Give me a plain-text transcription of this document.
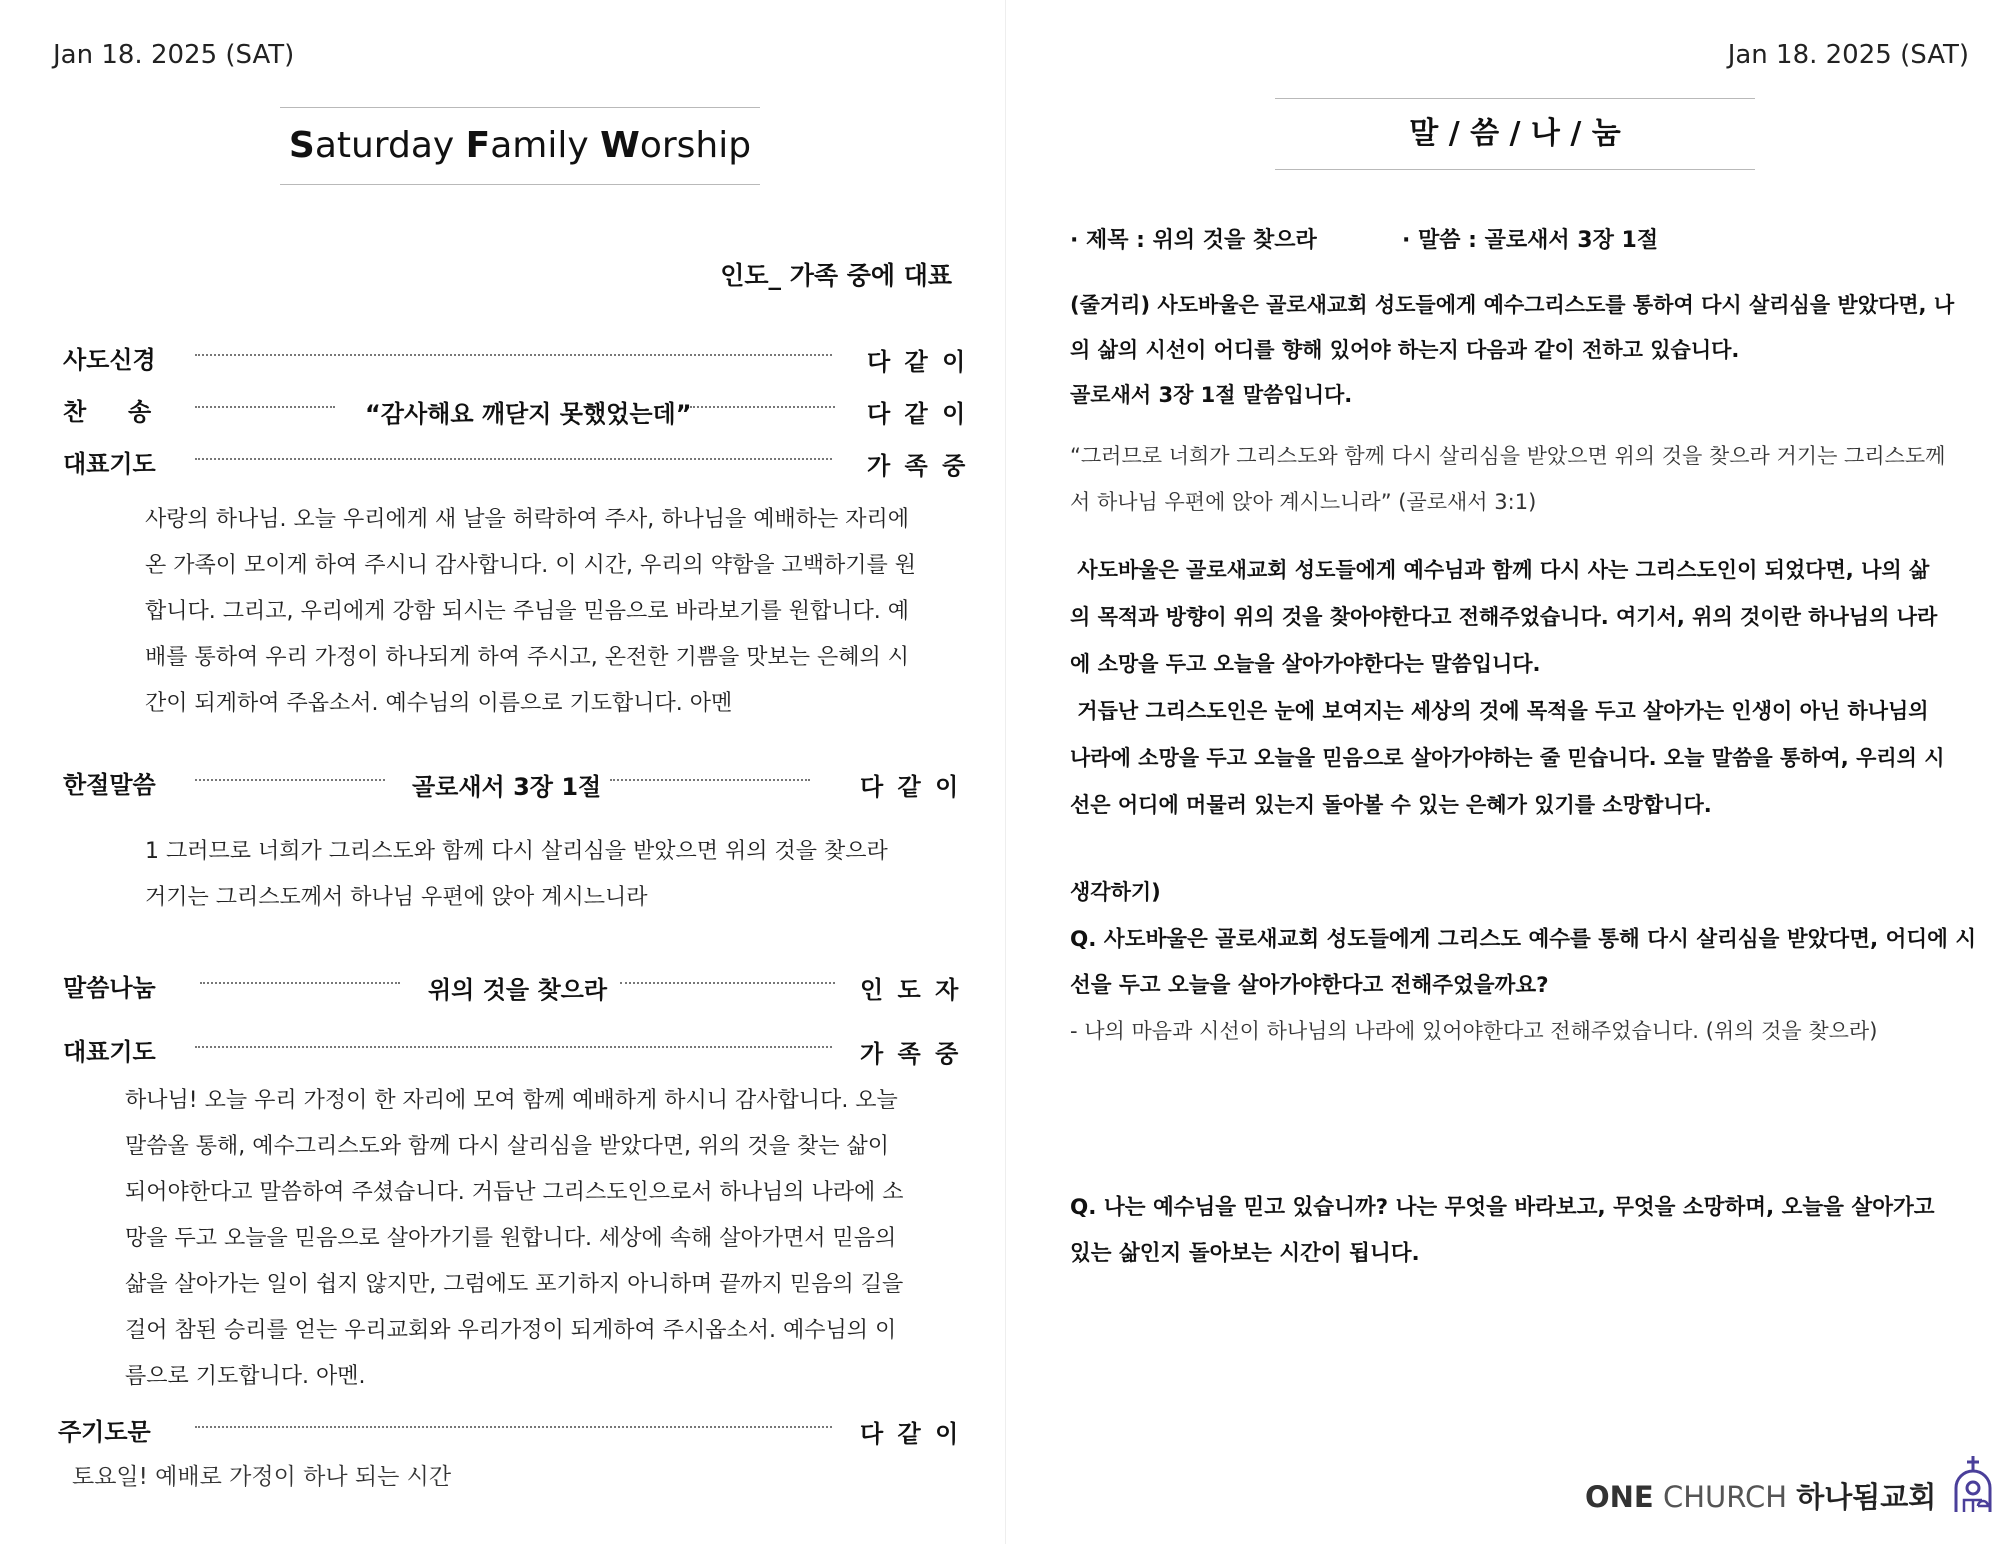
Jan 18. 2025 (SAT)
Saturday Family Worship
인도_ 가족 중에 대표
사도신경	다 같 이
찬     송	“감사해요 깨닫지 못했었는데”	다 같 이
대표기도	가 족 중
사랑의 하나님. 오늘 우리에게 새 날을 허락하여 주사, 하나님을 예배하는 자리에
온 가족이 모이게 하여 주시니 감사합니다. 이 시간, 우리의 약함을 고백하기를 원
합니다. 그리고, 우리에게 강함 되시는 주님을 믿음으로 바라보기를 원합니다. 예
배를 통하여 우리 가정이 하나되게 하여 주시고, 온전한 기쁨을 맛보는 은혜의 시
간이 되게하여 주옵소서. 예수님의 이름으로 기도합니다. 아멘
한절말씀	골로새서 3장 1절	다 같 이
1 그러므로 너희가 그리스도와 함께 다시 살리심을 받았으면 위의 것을 찾으라
거기는 그리스도께서 하나님 우편에 앉아 계시느니라
말씀나눔	위의 것을 찾으라	인 도 자
대표기도	가 족 중
하나님! 오늘 우리 가정이 한 자리에 모여 함께 예배하게 하시니 감사합니다. 오늘
말씀올 통해, 예수그리스도와 함께 다시 살리심을 받았다면, 위의 것을 찾는 삶이
되어야한다고 말씀하여 주셨습니다. 거듭난 그리스도인으로서 하나님의 나라에 소
망을 두고 오늘을 믿음으로 살아가기를 원합니다. 세상에 속해 살아가면서 믿음의
삶을 살아가는 일이 쉽지 않지만, 그럼에도 포기하지 아니하며 끝까지 믿음의 길을
걸어 참된 승리를 얻는 우리교회와 우리가정이 되게하여 주시옵소서. 예수님의 이
름으로 기도합니다. 아멘.
주기도문	다 같 이
토요일! 예배로 가정이 하나 되는 시간
Jan 18. 2025 (SAT)
말 / 씀 / 나 / 눔
· 제목 : 위의 것을 찾으라	· 말씀 : 골로새서 3장 1절
(줄거리) 사도바울은 골로새교회 성도들에게 예수그리스도를 통하여 다시 살리심을 받았다면, 나
의 삶의 시선이 어디를 향해 있어야 하는지 다음과 같이 전하고 있습니다.
골로새서 3장 1절 말씀입니다.
“그러므로 너희가 그리스도와 함께 다시 살리심을 받았으면 위의 것을 찾으라 거기는 그리스도께
서 하나님 우편에 앉아 계시느니라” (골로새서 3:1)
사도바울은 골로새교회 성도들에게 예수님과 함께 다시 사는 그리스도인이 되었다면, 나의 삶
의 목적과 방향이 위의 것을 찾아야한다고 전해주었습니다. 여기서, 위의 것이란 하나님의 나라
에 소망을 두고 오늘을 살아가야한다는 말씀입니다.
거듭난 그리스도인은 눈에 보여지는 세상의 것에 목적을 두고 살아가는 인생이 아닌 하나님의
나라에 소망을 두고 오늘을 믿음으로 살아가야하는 줄 믿습니다. 오늘 말씀을 통하여, 우리의 시
선은 어디에 머물러 있는지 돌아볼 수 있는 은혜가 있기를 소망합니다.
생각하기)
Q. 사도바울은 골로새교회 성도들에게 그리스도 예수를 통해 다시 살리심을 받았다면, 어디에 시
선을 두고 오늘을 살아가야한다고 전해주었을까요?
- 나의 마음과 시선이 하나님의 나라에 있어야한다고 전해주었습니다. (위의 것을 찾으라)
Q. 나는 예수님을 믿고 있습니까? 나는 무엇을 바라보고, 무엇을 소망하며, 오늘을 살아가고
있는 삶인지 돌아보는 시간이 됩니다.
ONE CHURCH 하나됨교회
